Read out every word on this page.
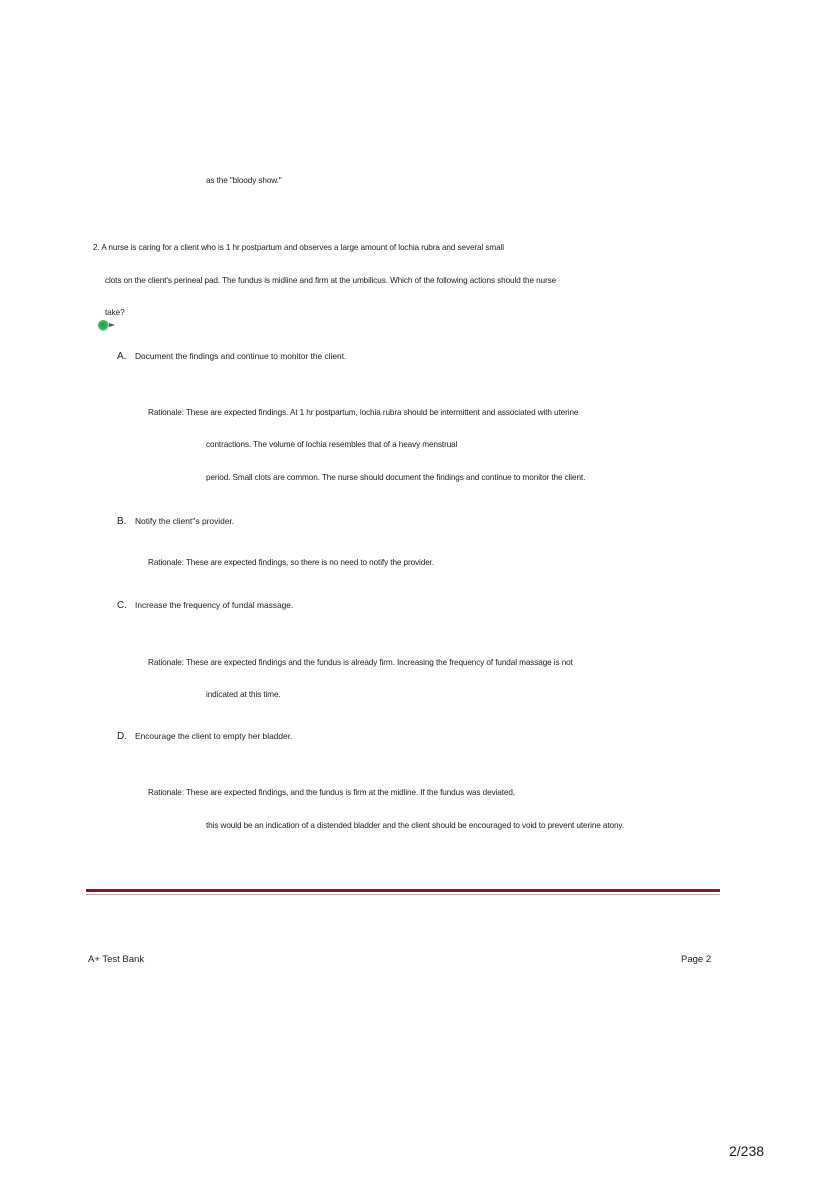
as the "bloody show."
2. A nurse is caring for a client who is 1 hr postpartum and observes a large amount of lochia rubra and several small
clots on the client's perineal pad. The fundus is midline and firm at the umbilicus. Which of the following actions should the nurse
take?
A. Document the findings and continue to monitor the client.
Rationale: These are expected findings. At 1 hr postpartum, lochia rubra should be intermittent and associated with uterine
contractions. The volume of lochia resembles that of a heavy menstrual
period. Small clots are common. The nurse should document the findings and continue to monitor the client.
B. Notify the client''s provider.
Rationale: These are expected findings, so there is no need to notify the provider.
C. Increase the frequency of fundal massage.
Rationale: These are expected findings and the fundus is already firm. Increasing the frequency of fundal massage is not
indicated at this time.
D. Encourage the client to empty her bladder.
Rationale: These are expected findings, and the fundus is firm at the midline. If the fundus was deviated,
this would be an indication of a distended bladder and the client should be encouraged to void to prevent uterine atony.
A+ Test Bank	Page 2
2/238
